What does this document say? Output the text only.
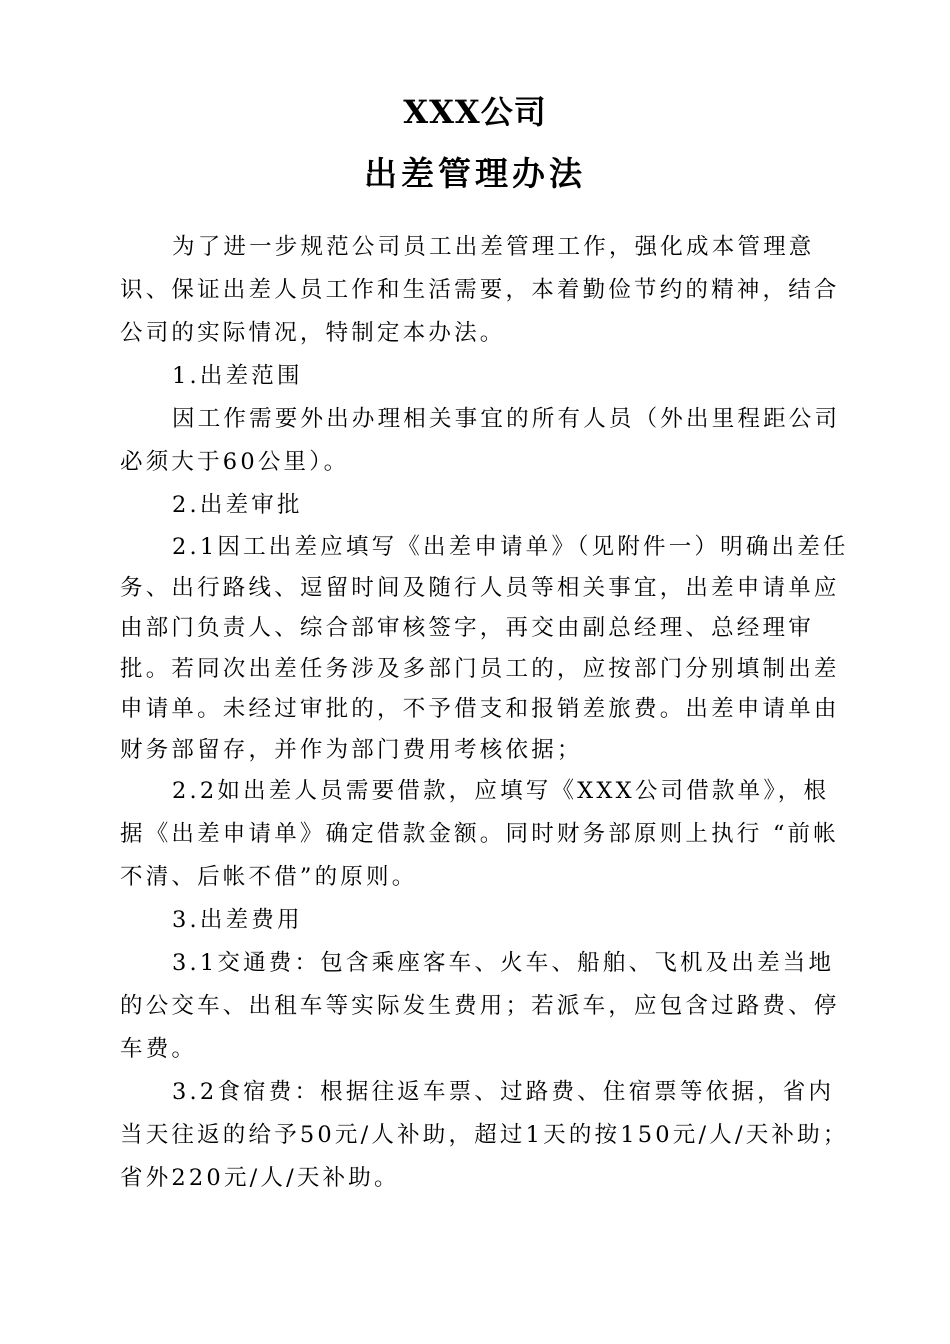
XXX公司
出差管理办法

为了进一步规范公司员工出差管理工作，强化成本管理意识、保证出差人员工作和生活需要，本着勤俭节约的精神，结合公司的实际情况，特制定本办法。

1.出差范围

因工作需要外出办理相关事宜的所有人员（外出里程距公司必须大于60公里）。

2.出差审批

2.1因工出差应填写《出差申请单》（见附件一）明确出差任务、出行路线、逗留时间及随行人员等相关事宜，出差申请单应由部门负责人、综合部审核签字，再交由副总经理、总经理审批。若同次出差任务涉及多部门员工的，应按部门分别填制出差申请单。未经过审批的，不予借支和报销差旅费。出差申请单由财务部留存，并作为部门费用考核依据；

2.2如出差人员需要借款，应填写《XXX公司借款单》，根据《出差申请单》确定借款金额。同时财务部原则上执行 “前帐不清、后帐不借”的原则。

3.出差费用

3.1交通费：包含乘座客车、火车、船舶、飞机及出差当地的公交车、出租车等实际发生费用；若派车，应包含过路费、停车费。

3.2食宿费：根据往返车票、过路费、住宿票等依据，省内当天往返的给予50元/人补助，超过1天的按150元/人/天补助；省外220元/人/天补助。
